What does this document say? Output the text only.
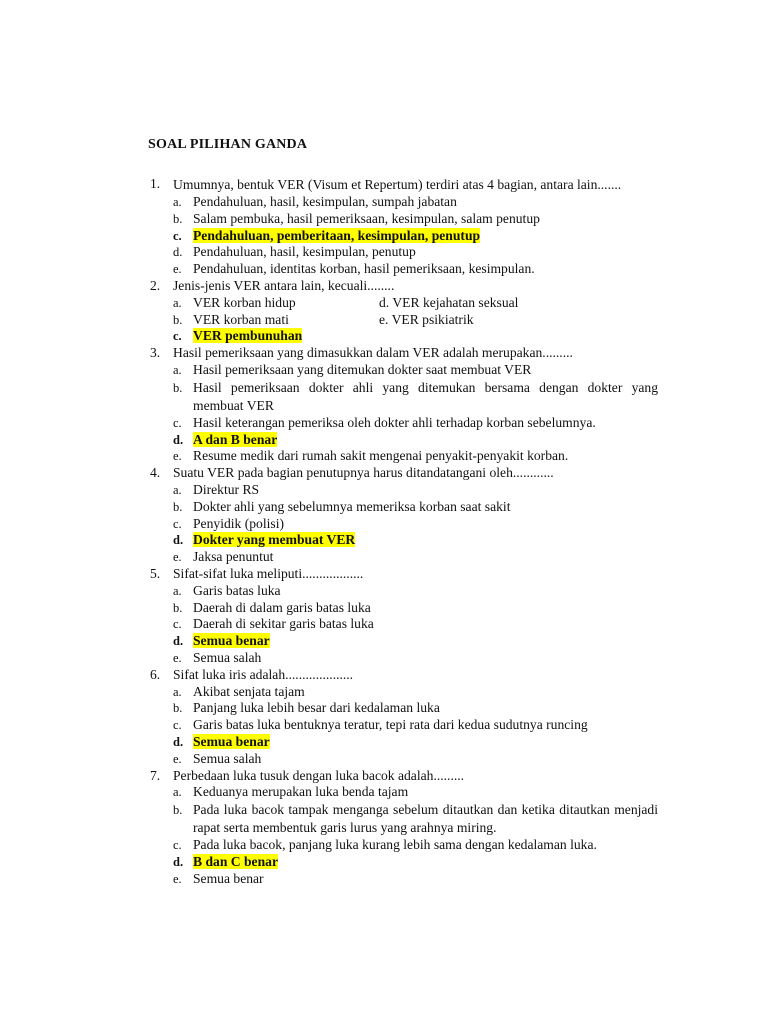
SOAL PILIHAN GANDA
1. Umumnya, bentuk VER (Visum et Repertum) terdiri atas 4 bagian, antara lain.......

a. Pendahuluan, hasil, kesimpulan, sumpah jabatan
b. Salam pembuka, hasil pemeriksaan, kesimpulan, salam penutup
c. Pendahuluan, pemberitaan, kesimpulan, penutup
d. Pendahuluan, hasil, kesimpulan, penutup
e. Pendahuluan, identitas korban, hasil pemeriksaan, kesimpulan.
2. Jenis-jenis VER antara lain, kecuali........

a. VER korban hidup	d. VER kejahatan seksual
b. VER korban mati	e. VER psikiatrik
c. VER pembunuhan
3. Hasil pemeriksaan yang dimasukkan dalam VER adalah merupakan.........

a. Hasil pemeriksaan yang ditemukan dokter saat membuat VER
b. Hasil pemeriksaan dokter ahli yang ditemukan bersama dengan dokter yang membuat VER
c. Hasil keterangan pemeriksa oleh dokter ahli terhadap korban sebelumnya.
d. A dan B benar
e. Resume medik dari rumah sakit mengenai penyakit-penyakit korban.
4. Suatu VER pada bagian penutupnya harus ditandatangani oleh............

a. Direktur RS
b. Dokter ahli yang sebelumnya memeriksa korban saat sakit
c. Penyidik (polisi)
d. Dokter yang membuat VER
e. Jaksa penuntut
5. Sifat-sifat luka meliputi..................

a. Garis batas luka
b. Daerah di dalam garis batas luka
c. Daerah di sekitar garis batas luka
d. Semua benar
e. Semua salah
6. Sifat luka iris adalah....................

a. Akibat senjata tajam
b. Panjang luka lebih besar dari kedalaman luka
c. Garis batas luka bentuknya teratur, tepi rata dari kedua sudutnya runcing
d. Semua benar
e. Semua salah
7. Perbedaan luka tusuk dengan luka bacok adalah.........

a. Keduanya merupakan luka benda tajam
b. Pada luka bacok tampak menganga sebelum ditautkan dan ketika ditautkan menjadi rapat serta membentuk garis lurus yang arahnya miring.
c. Pada luka bacok, panjang luka kurang lebih sama dengan kedalaman luka.
d. B dan C benar
e. Semua benar
